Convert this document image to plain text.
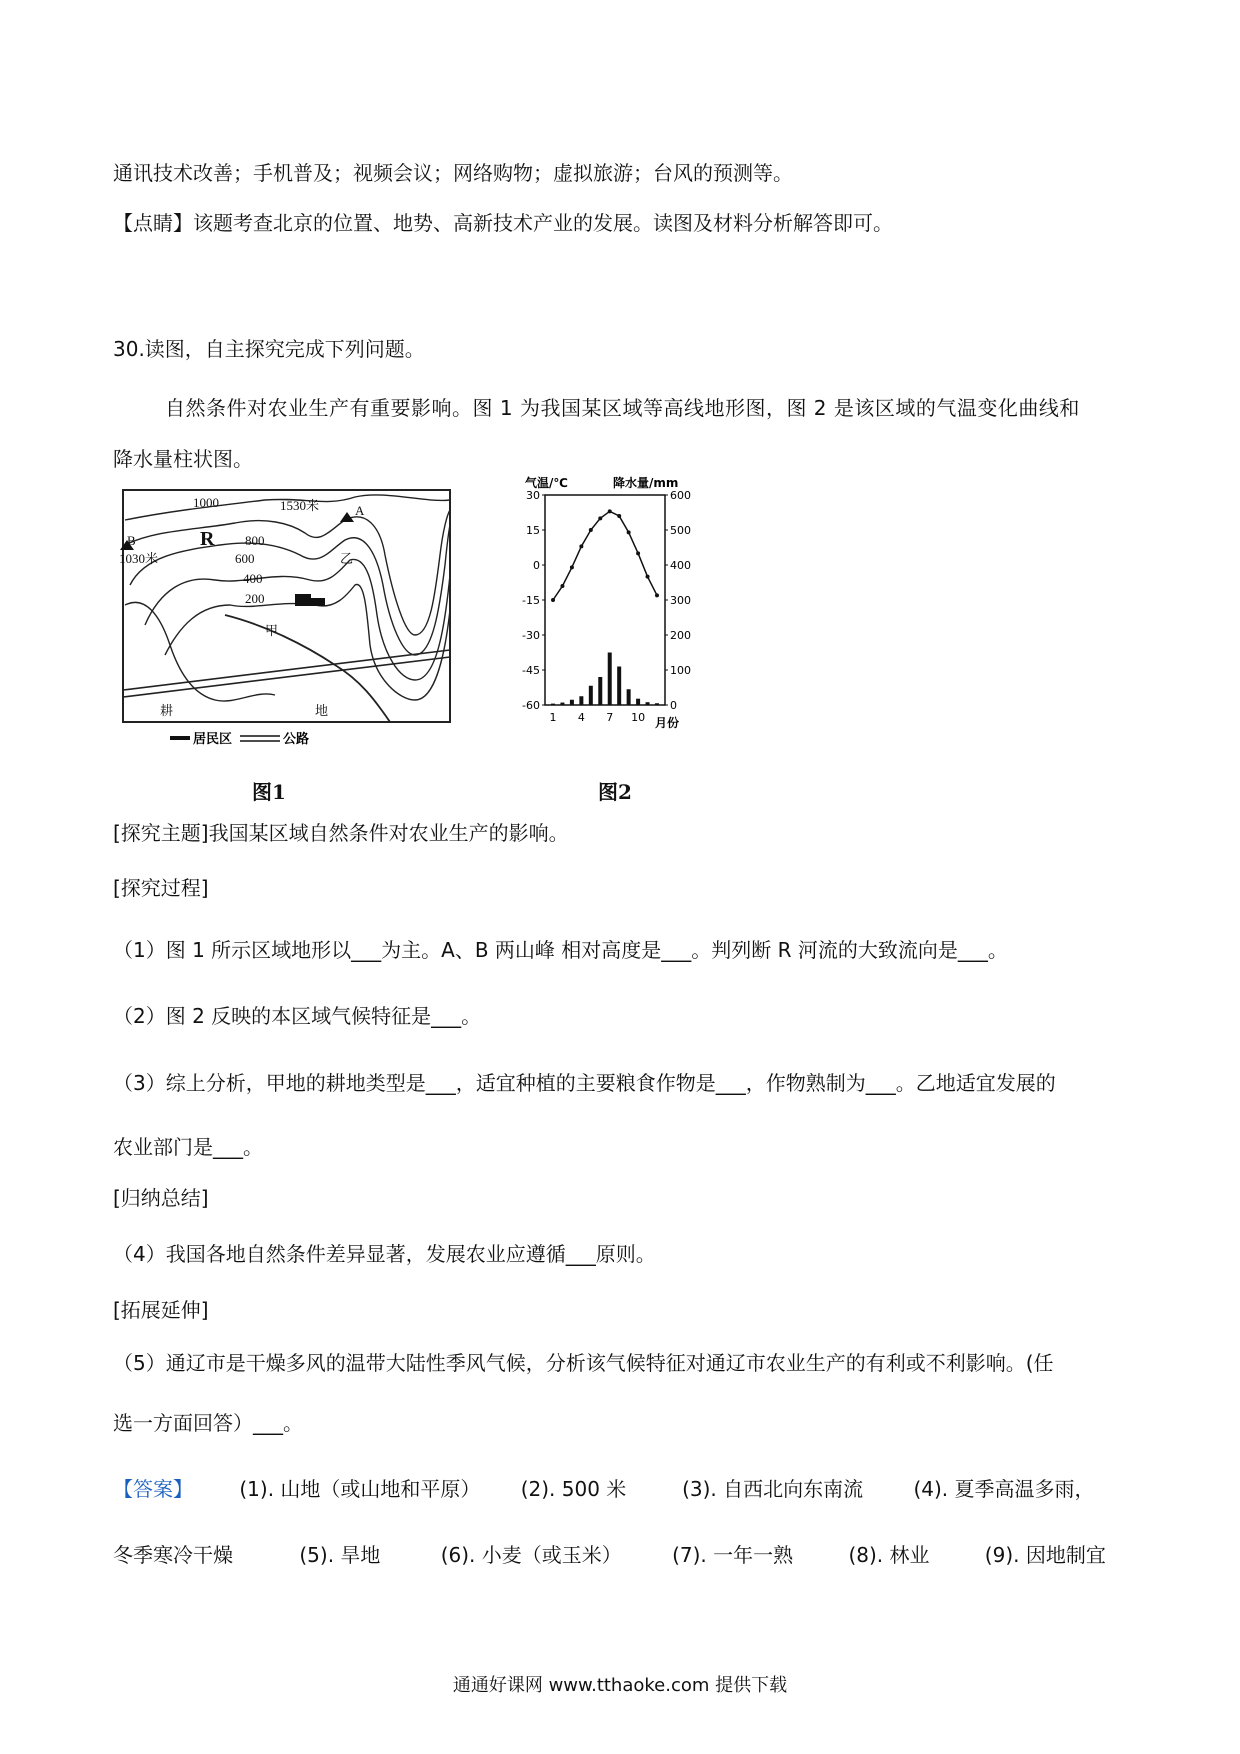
通讯技术改善；手机普及；视频会议；网络购物；虚拟旅游；台风的预测等。
【点睛】该题考查北京的位置、地势、高新技术产业的发展。读图及材料分析解答即可。
30.读图，自主探究完成下列问题。
自然条件对农业生产有重要影响。图 1 为我国某区域等高线地形图，图 2 是该区域的气温变化曲线和
降水量柱状图。
1000
800
600
400
200
1530米	A
B
1030米
R
甲
乙
耕	地
居民区	公路
图1
气温/℃	降水量/mm
30
15
0
-15
-30
-45
-60
600
500
400
300
200
100
0
1 4 7 10 月份
图2
[探究主题]我国某区域自然条件对农业生产的影响。
[探究过程]
（1）图 1 所示区域地形以___为主。A、B 两山峰 相对高度是___。判列断 R 河流的大致流向是___。
（2）图 2 反映的本区域气候特征是___。
（3）综上分析，甲地的耕地类型是___，适宜种植的主要粮食作物是___，作物熟制为___。乙地适宜发展的
农业部门是___。
[归纳总结]
（4）我国各地自然条件差异显著，发展农业应遵循___原则。
[拓展延伸]
（5）通辽市是干燥多风的温带大陆性季风气候，分析该气候特征对通辽市农业生产的有利或不利影响。(任
选一方面回答）___。
【答案】 (1). 山地（或山地和平原） (2). 500 米	(3). 自西北向东南流	(4). 夏季高温多雨，
冬季寒冷干燥	(5). 旱地	(6). 小麦（或玉米）	(7). 一年一熟	(8). 林业	(9). 因地制宜
通通好课网 www.tthaoke.com 提供下载
